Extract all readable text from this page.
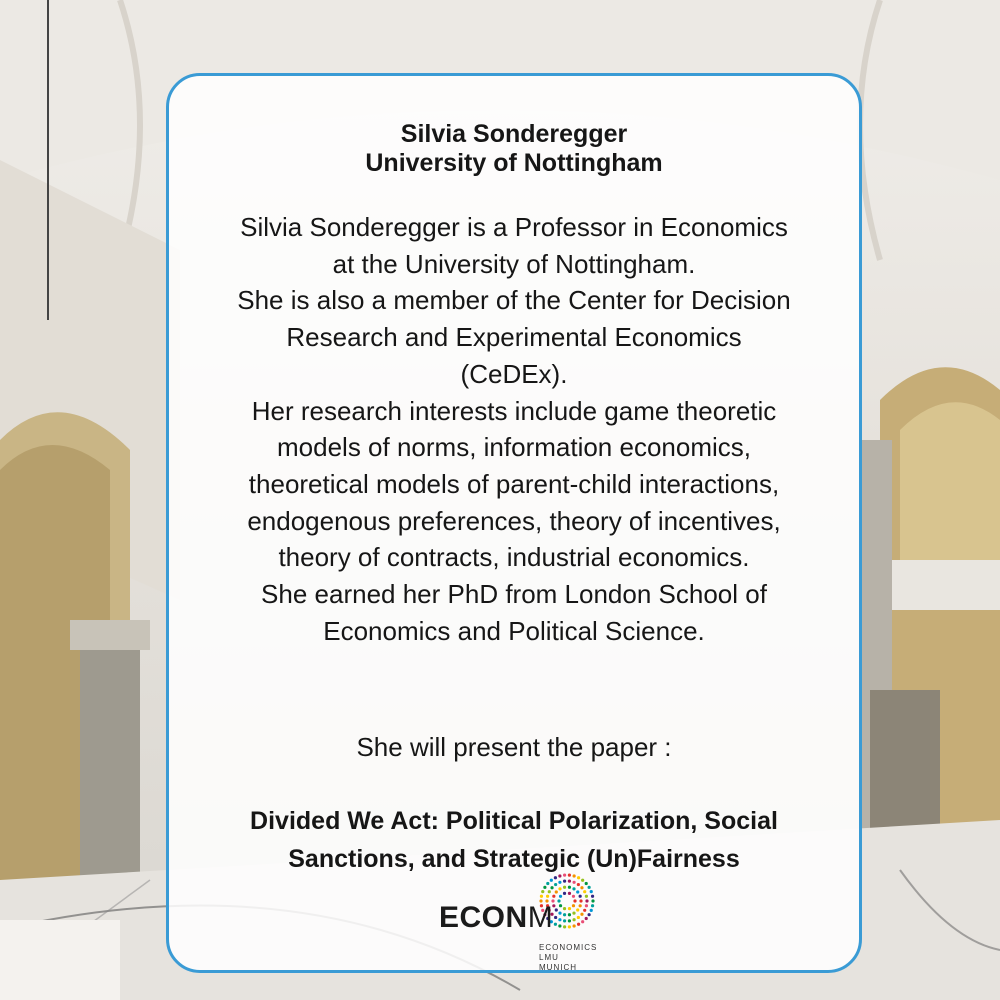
Silvia Sonderegger
University of Nottingham
Silvia Sonderegger is a Professor in Economics
at the University of Nottingham.
She is also a member of the Center for Decision
Research and Experimental Economics
(CeDEx).
Her research interests include game theoretic
models of norms, information economics,
theoretical models of parent-child interactions,
endogenous preferences, theory of incentives,
theory of contracts, industrial economics.
She earned her PhD from London School of
Economics and Political Science.
She will present the paper :
Divided We Act: Political Polarization, Social
Sanctions, and Strategic (Un)Fairness
ECONM
ECONOMICS
LMU MUNICH
